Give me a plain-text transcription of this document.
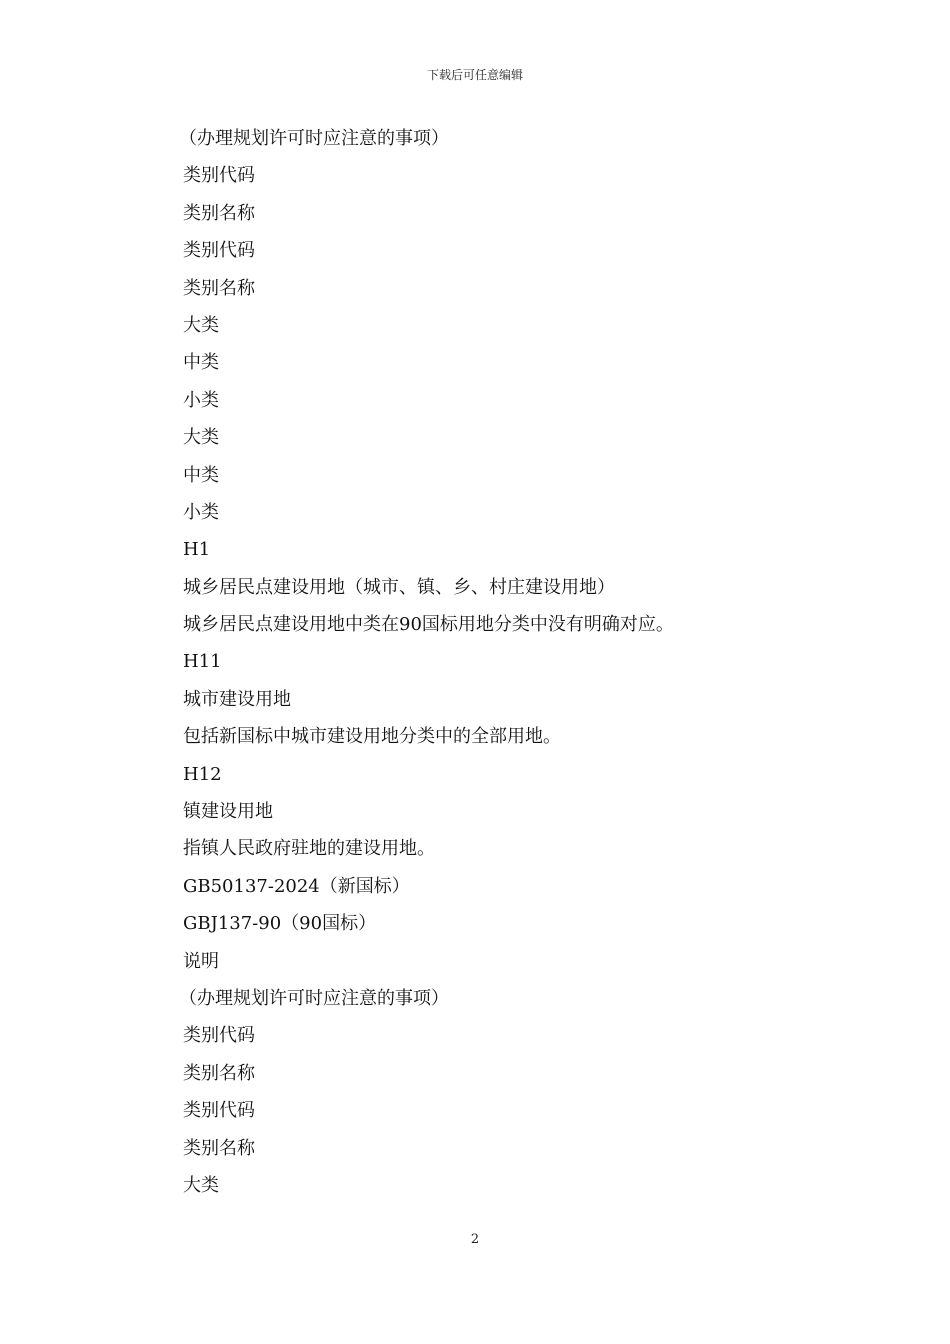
下载后可任意编辑

（办理规划许可时应注意的事项）

类别代码

类别名称

类别代码

类别名称

大类

中类

小类

大类

中类

小类

H1

城乡居民点建设用地（城市、镇、乡、村庄建设用地）

城乡居民点建设用地中类在90国标用地分类中没有明确对应。

H11

城市建设用地

包括新国标中城市建设用地分类中的全部用地。

H12

镇建设用地

指镇人民政府驻地的建设用地。

GB50137-2024（新国标）

GBJ137-90（90国标）

说明

（办理规划许可时应注意的事项）

类别代码

类别名称

类别代码

类别名称

大类

2
